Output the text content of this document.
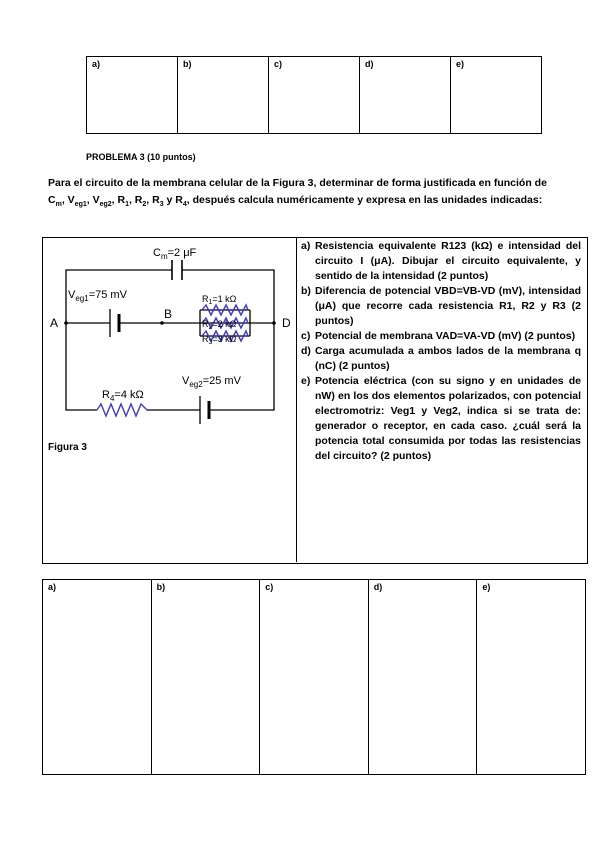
a)	b)	c)	d)	e)
PROBLEMA 3 (10 puntos)
Para el circuito de la membrana celular de la Figura 3, determinar de forma justificada en función de $C_m$, $V_{eg1}$, $V_{eg2}$, $R_1$, $R_2$, $R_3$ y $R_4$, después calcula numéricamente y expresa en las unidades indicadas:
$C_m=2$ μF
$V_{eg1}=75$ mV	$R_1=1$ kΩ
$R_2=2$ kΩ
$R_3=3$ kΩ
A
B
D
$V_{eg2}=25$ mV
$R_4=4$ kΩ
Figura 3
a) Resistencia equivalente R123 (kΩ) e intensidad del circuito I (μA). Dibujar el circuito equivalente, y sentido de la intensidad (2 puntos)
b) Diferencia de potencial VBD=VB-VD (mV), intensidad (μA) que recorre cada resistencia R1, R2 y R3 (2 puntos)
c) Potencial de membrana VAD=VA-VD (mV) (2 puntos)
d) Carga acumulada a ambos lados de la membrana q (nC) (2 puntos)
e) Potencia eléctrica (con su signo y en unidades de nW) en los dos elementos polarizados, con potencial electromotriz: Veg1 y Veg2, indica si se trata de: generador o receptor, en cada caso. ¿cuál será la potencia total consumida por todas las resistencias del circuito? (2 puntos)
a)	b)	c)	d)	e)
